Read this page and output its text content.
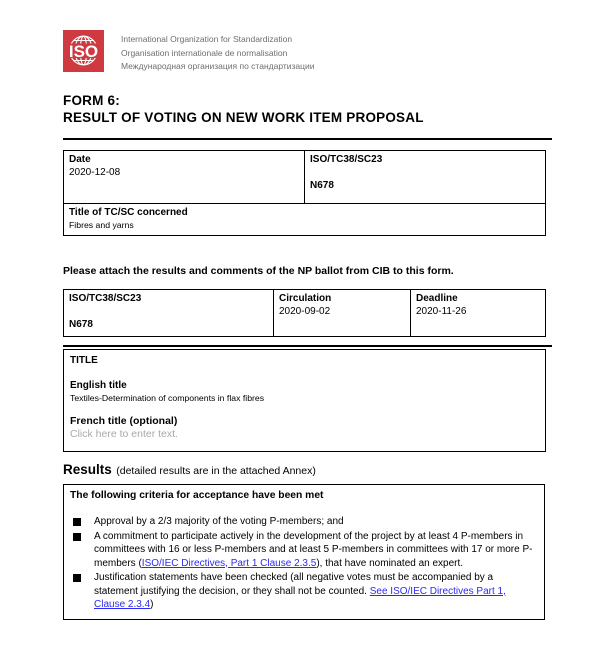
ISO
International Organization for Standardization
Organisation internationale de normalisation
Международная организация по стандартизации
FORM 6:
RESULT OF VOTING ON NEW WORK ITEM PROPOSAL
Date
2020-12-08

ISO/TC38/SC23
N678

Title of TC/SC concerned
Fibres and yarns

Please attach the results and comments of the NP ballot from CIB to this form.

ISO/TC38/SC23
N678

Circulation
2020-09-02

Deadline
2020-11-26
TITLE
English title
Textiles-Determination of components in flax fibres
French title (optional)
Click here to enter text.
Results (detailed results are in the attached Annex)
The following criteria for acceptance have been met
Approval by a 2/3 majority of the voting P-members; and
A commitment to participate actively in the development of the project by at least 4 P-members in committees with 16 or less P-members and at least 5 P-members in committees with 17 or more P-members (ISO/IEC Directives, Part 1 Clause 2.3.5), that have nominated an expert.
Justification statements have been checked (all negative votes must be accompanied by a statement justifying the decision, or they shall not be counted. See ISO/IEC Directives Part 1, Clause 2.3.4)
